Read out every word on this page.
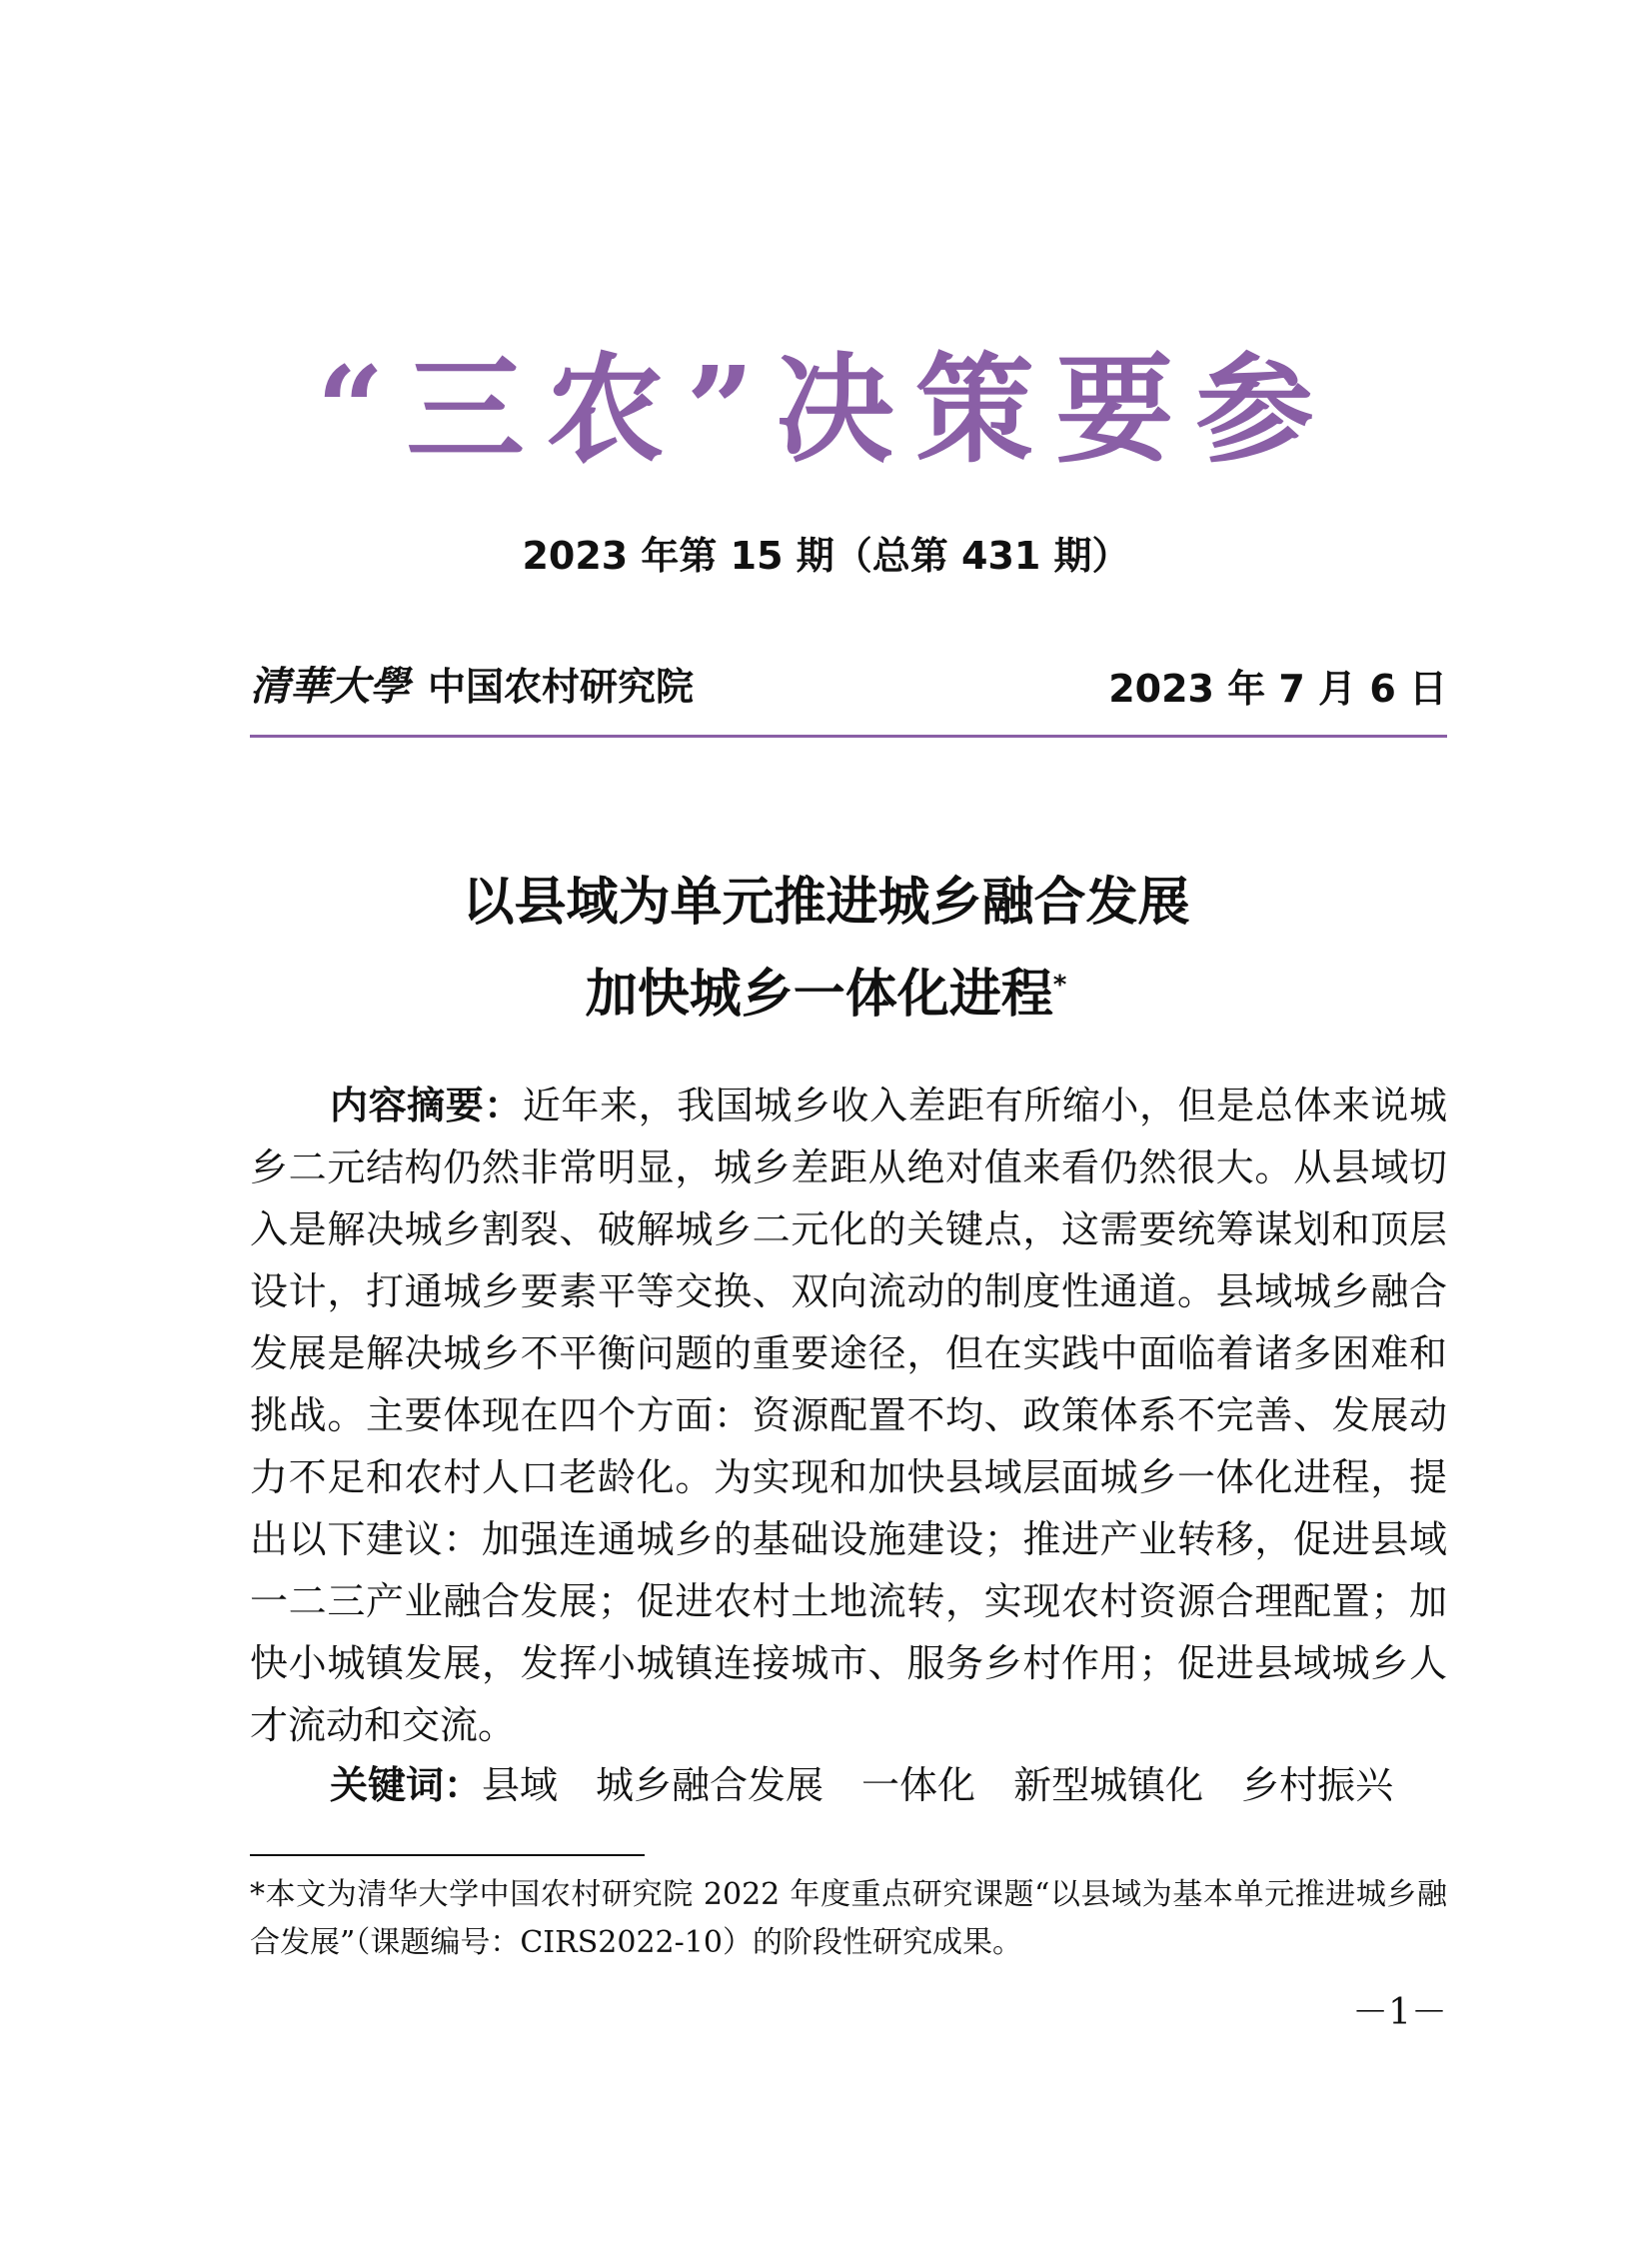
“三农”决策要参
2023 年第 15 期（总第 431 期）
清華大學 中国农村研究院	2023 年 7 月 6 日
以县域为单元推进城乡融合发展
加快城乡一体化进程*
内容摘要：近年来，我国城乡收入差距有所缩小，但是总体来说城乡二元结构仍然非常明显，城乡差距从绝对值来看仍然很大。从县域切入是解决城乡割裂、破解城乡二元化的关键点，这需要统筹谋划和顶层设计，打通城乡要素平等交换、双向流动的制度性通道。县域城乡融合发展是解决城乡不平衡问题的重要途径，但在实践中面临着诸多困难和挑战。主要体现在四个方面：资源配置不均、政策体系不完善、发展动力不足和农村人口老龄化。为实现和加快县域层面城乡一体化进程，提出以下建议：加强连通城乡的基础设施建设；推进产业转移，促进县域一二三产业融合发展；促进农村土地流转，实现农村资源合理配置；加快小城镇发展，发挥小城镇连接城市、服务乡村作用；促进县域城乡人才流动和交流。
关键词：县域 城乡融合发展 一体化 新型城镇化 乡村振兴
*本文为清华大学中国农村研究院 2022 年度重点研究课题“以县域为基本单元推进城乡融合发展”（课题编号：CIRS2022-10）的阶段性研究成果。
－1－
